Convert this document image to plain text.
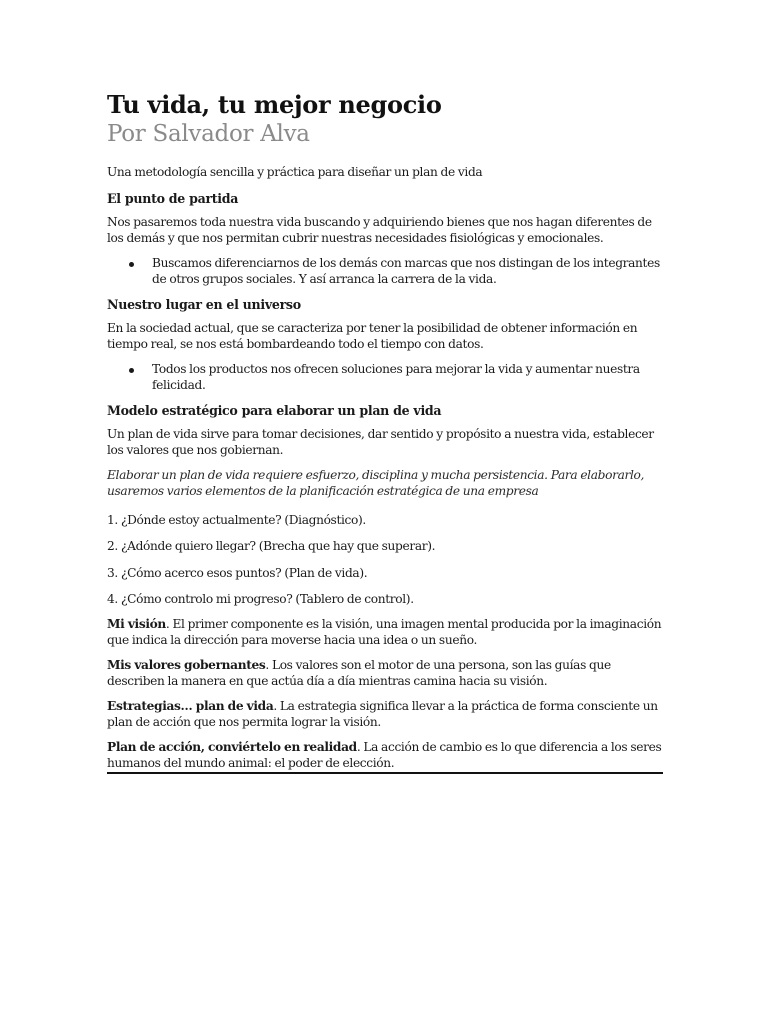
Tu vida, tu mejor negocio
Por Salvador Alva

Una metodología sencilla y práctica para diseñar un plan de vida

El punto de partida

Nos pasaremos toda nuestra vida buscando y adquiriendo bienes que nos hagan diferentes de los demás y que nos permitan cubrir nuestras necesidades fisiológicas y emocionales.

Buscamos diferenciarnos de los demás con marcas que nos distingan de los integrantes de otros grupos sociales. Y así arranca la carrera de la vida.
Nuestro lugar en el universo

En la sociedad actual, que se caracteriza por tener la posibilidad de obtener información en tiempo real, se nos está bombardeando todo el tiempo con datos.

Todos los productos nos ofrecen soluciones para mejorar la vida y aumentar nuestra felicidad.
Modelo estratégico para elaborar un plan de vida

Un plan de vida sirve para tomar decisiones, dar sentido y propósito a nuestra vida, establecer los valores que nos gobiernan.

Elaborar un plan de vida requiere esfuerzo, disciplina y mucha persistencia. Para elaborarlo, usaremos varios elementos de la planificación estratégica de una empresa

1. ¿Dónde estoy actualmente? (Diagnóstico).

2. ¿Adónde quiero llegar? (Brecha que hay que superar).

3. ¿Cómo acerco esos puntos? (Plan de vida).

4. ¿Cómo controlo mi progreso? (Tablero de control).

Mi visión. El primer componente es la visión, una imagen mental producida por la imaginación que indica la dirección para moverse hacia una idea o un sueño.

Mis valores gobernantes. Los valores son el motor de una persona, son las guías que describen la manera en que actúa día a día mientras camina hacia su visión.

Estrategias… plan de vida. La estrategia significa llevar a la práctica de forma consciente un plan de acción que nos permita lograr la visión.

Plan de acción, conviértelo en realidad. La acción de cambio es lo que diferencia a los seres humanos del mundo animal: el poder de elección.
